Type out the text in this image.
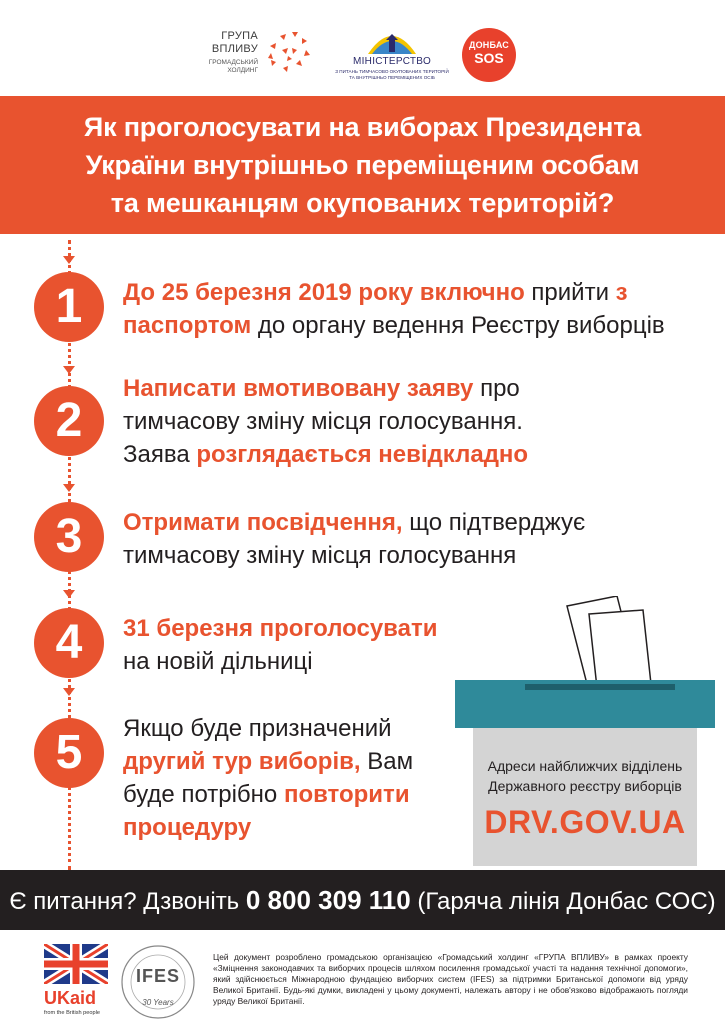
ГРУПА
ВПЛИВУ
ГРОМАДСЬКИЙ
ХОЛДИНГ
МІНІСТЕРСТВО
З ПИТАНЬ ТИМЧАСОВО ОКУПОВАНИХ ТЕРИТОРІЙ
ТА ВНУТРІШНЬО ПЕРЕМІЩЕНИХ ОСІБ
ДОНБАС
SOS
Як проголосувати на виборах Президента
України внутрішньо переміщеним особам
та мешканцям окупованих територій?
1	До 25 березня 2019 року включно прийти з паспортом до органу ведення Реєстру виборців
2
Написати вмотивовану заяву про
тимчасову зміну місця голосування.
Заява розглядається невідкладно
3	Отримати посвідчення, що підтверджує
тимчасову зміну місця голосування
4	31 березня проголосувати
на новій дільниці
5	Якщо буде призначений
другий тур виборів, Вам
буде потрібно повторити
процедуру
Адреси найближчих відділень
Державного реєстру виборців
DRV.GOV.UA
Є питання? Дзвоніть 0 800 309 110 (Гаряча лінія Донбас СОС)
UKaid
from the British people
IFES
30 Years
Цей документ розроблено громадською організацією «Громадський холдинг «ГРУПА ВПЛИВУ» в рамках проекту «Зміцнення законодавчих та виборчих процесів шляхом посилення громадської участі та надання технічної допомоги», який здійснюється Міжнародною фундацією виборчих систем (IFES) за підтримки Британської допомоги від уряду Великої Британії. Будь-які думки, викладені у цьому документі, належать автору і не обов'язково відображають погляди уряду Великої Британії.
